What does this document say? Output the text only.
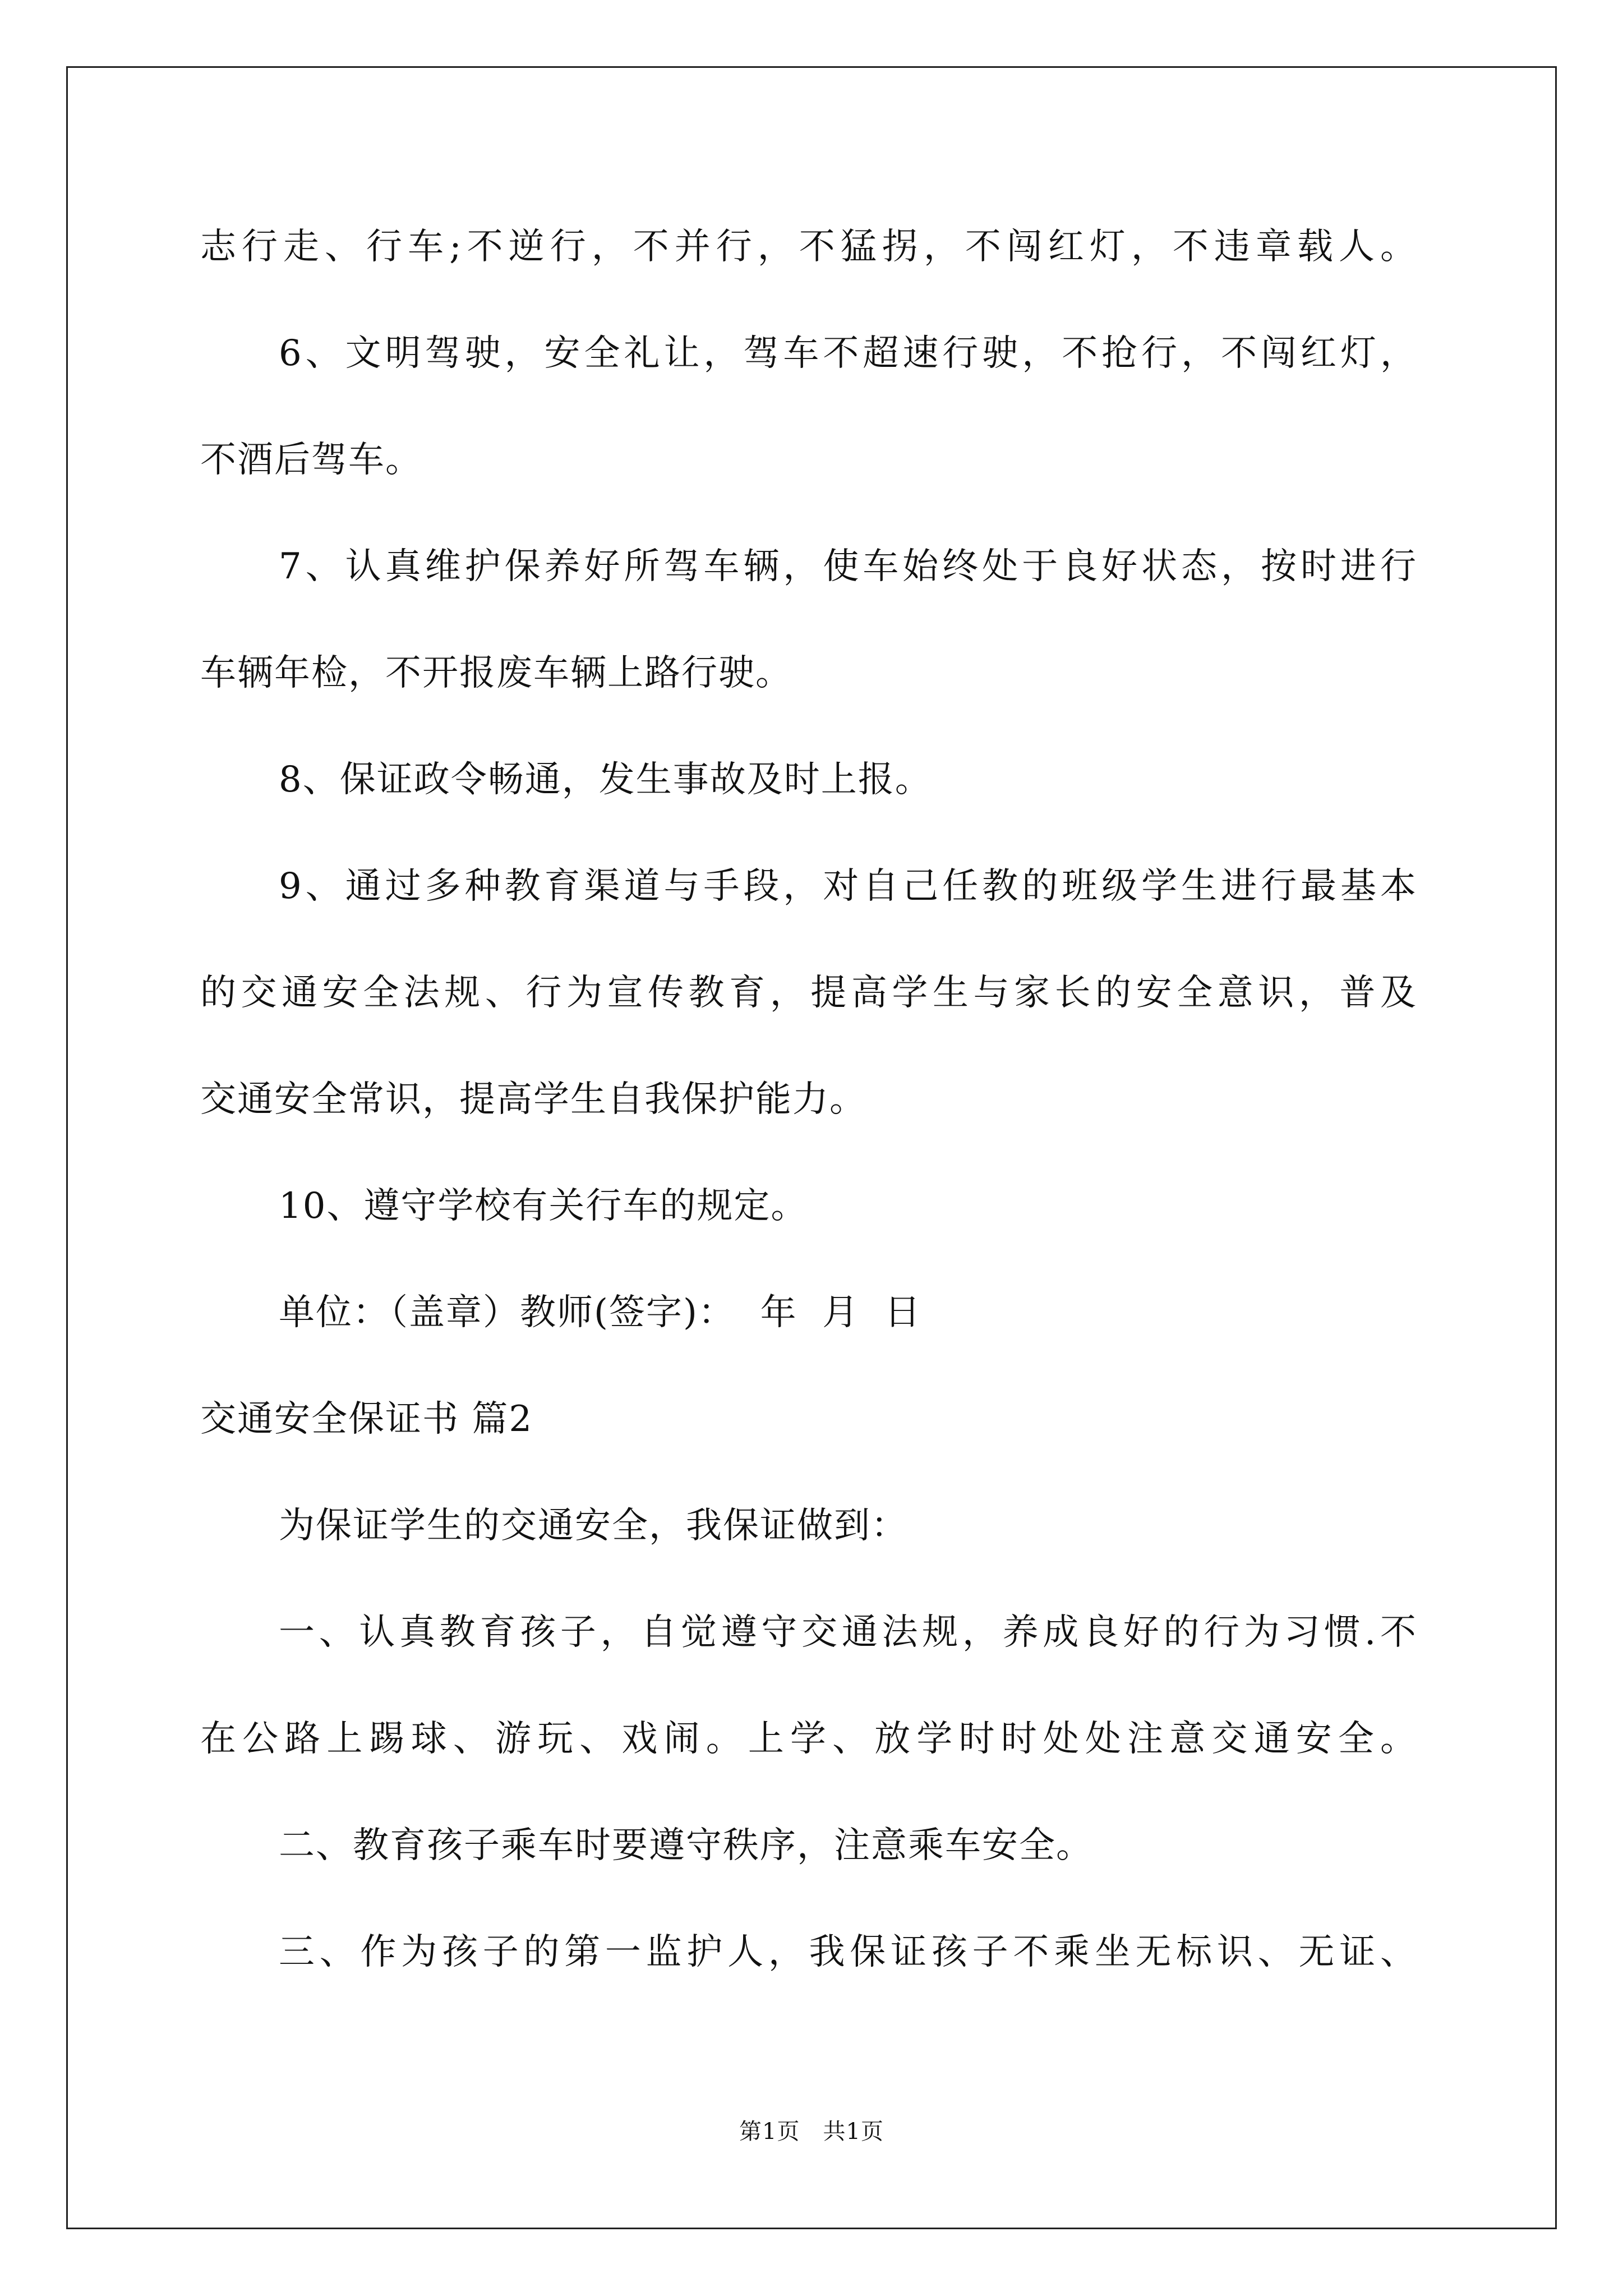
志行走、行车;不逆行，不并行，不猛拐，不闯红灯，不违章载人。
6、文明驾驶，安全礼让，驾车不超速行驶，不抢行，不闯红灯，
不酒后驾车。
7、认真维护保养好所驾车辆，使车始终处于良好状态，按时进行
车辆年检，不开报废车辆上路行驶。
8、保证政令畅通，发生事故及时上报。
9、通过多种教育渠道与手段，对自己任教的班级学生进行最基本
的交通安全法规、行为宣传教育，提高学生与家长的安全意识，普及
交通安全常识，提高学生自我保护能力。
10、遵守学校有关行车的规定。
单位：（盖章）教师(签字)：  年  月  日
交通安全保证书 篇2
为保证学生的交通安全，我保证做到：
一、认真教育孩子，自觉遵守交通法规，养成良好的行为习惯.不
在公路上踢球、游玩、戏闹。上学、放学时时处处注意交通安全。
二、教育孩子乘车时要遵守秩序，注意乘车安全。
三、作为孩子的第一监护人，我保证孩子不乘坐无标识、无证、
第1页　共1页
